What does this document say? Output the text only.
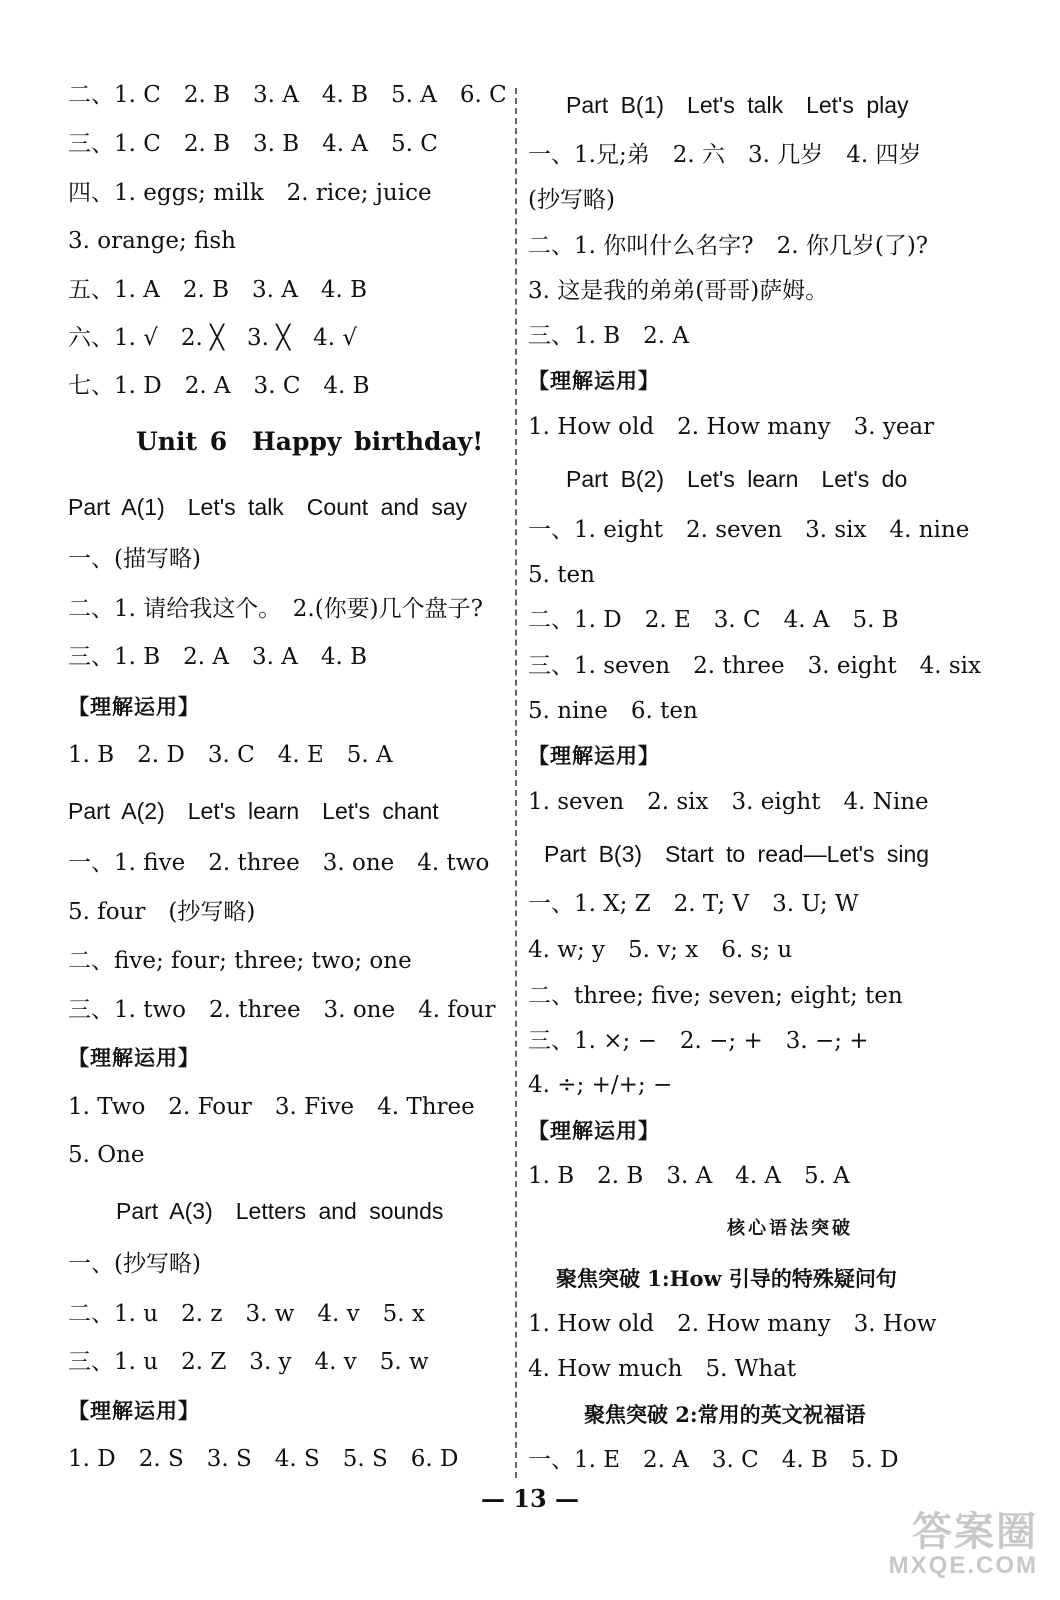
二、1. C　2. B　3. A　4. B　5. A　6. C
三、1. C　2. B　3. B　4. A　5. C
四、1. eggs; milk　2. rice; juice
3. orange; fish
五、1. A　2. B　3. A　4. B
六、1. √　2. ╳　3. ╳　4. √
七、1. D　2. A　3. C　4. B
Unit 6　Happy birthday!
Part A(1)　Let's talk　Count and say
一、(描写略)
二、1. 请给我这个。　2.(你要)几个盘子?
三、1. B　2. A　3. A　4. B
【理解运用】
1. B　2. D　3. C　4. E　5. A
Part A(2)　Let's learn　Let's chant
一、1. five　2. three　3. one　4. two
5. four　(抄写略)
二、five; four; three; two; one
三、1. two　2. three　3. one　4. four
【理解运用】
1. Two　2. Four　3. Five　4. Three
5. One
Part A(3)　Letters and sounds
一、(抄写略)
二、1. u　2. z　3. w　4. v　5. x
三、1. u　2. Z　3. y　4. v　5. w
【理解运用】
1. D　2. S　3. S　4. S　5. S　6. D
Part B(1)　Let's talk　Let's play
一、1.兄;弟　2. 六　3. 几岁　4. 四岁
(抄写略)
二、1. 你叫什么名字?　2. 你几岁(了)?
3. 这是我的弟弟(哥哥)萨姆。
三、1. B　2. A
【理解运用】
1. How old　2. How many　3. year
Part B(2)　Let's learn　Let's do
一、1. eight　2. seven　3. six　4. nine
5. ten
二、1. D　2. E　3. C　4. A　5. B
三、1. seven　2. three　3. eight　4. six
5. nine　6. ten
【理解运用】
1. seven　2. six　3. eight　4. Nine
Part B(3)　Start to read—Let's sing
一、1. X; Z　2. T; V　3. U; W
4. w; y　5. v; x　6. s; u
二、three; five; seven; eight; ten
三、1. ×; −　2. −; +　3. −; +
4. ÷; +/+; −
【理解运用】
1. B　2. B　3. A　4. A　5. A
核心语法突破
聚焦突破 1:How 引导的特殊疑问句
1. How old　2. How many　3. How
4. How much　5. What
聚焦突破 2:常用的英文祝福语
一、1. E　2. A　3. C　4. B　5. D
— 13 —
答案圈
MXQE.COM
